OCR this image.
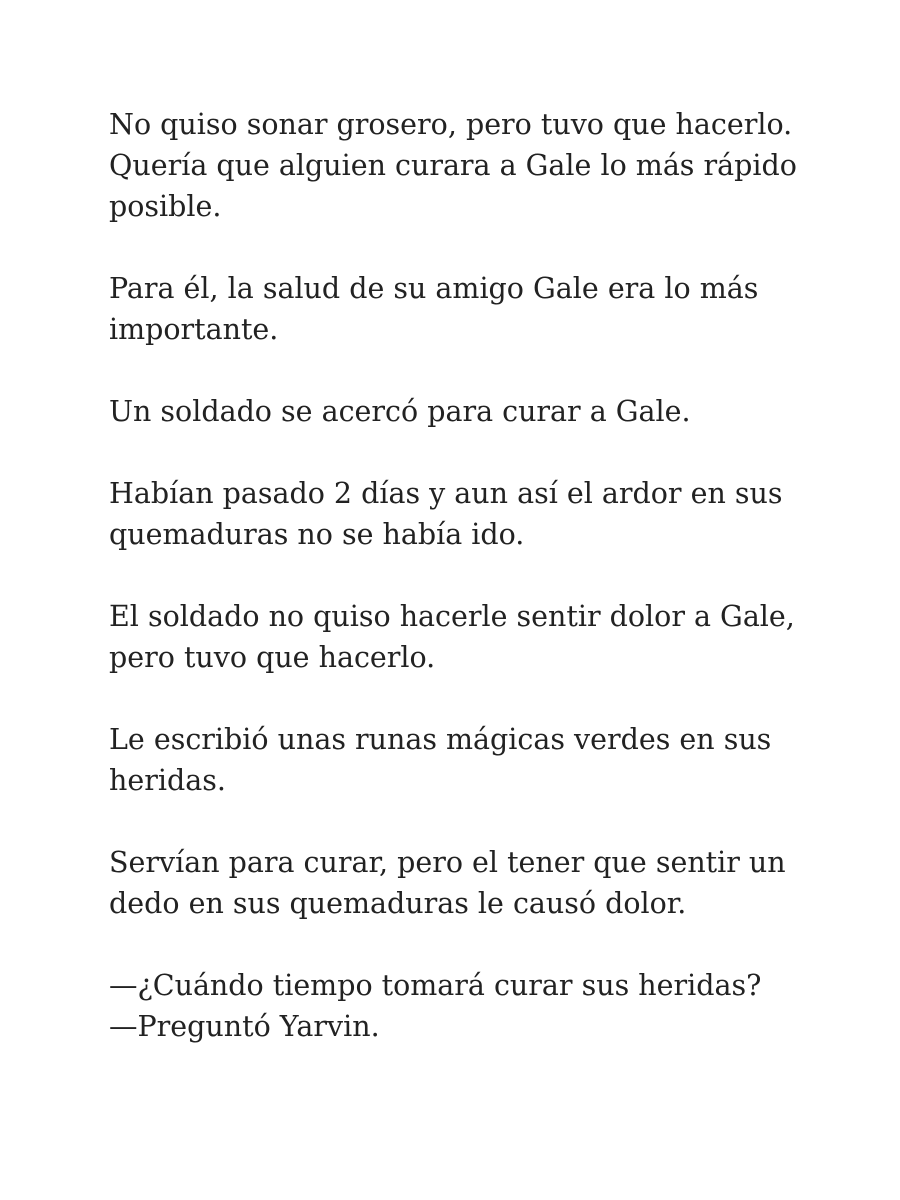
No quiso sonar grosero, pero tuvo que hacerlo.
Quería que alguien curara a Gale lo más rápido
posible.

Para él, la salud de su amigo Gale era lo más
importante.

Un soldado se acercó para curar a Gale.

Habían pasado 2 días y aun así el ardor en sus
quemaduras no se había ido.

El soldado no quiso hacerle sentir dolor a Gale,
pero tuvo que hacerlo.

Le escribió unas runas mágicas verdes en sus
heridas.

Servían para curar, pero el tener que sentir un
dedo en sus quemaduras le causó dolor.

—¿Cuándo tiempo tomará curar sus heridas?
—Preguntó Yarvin.
